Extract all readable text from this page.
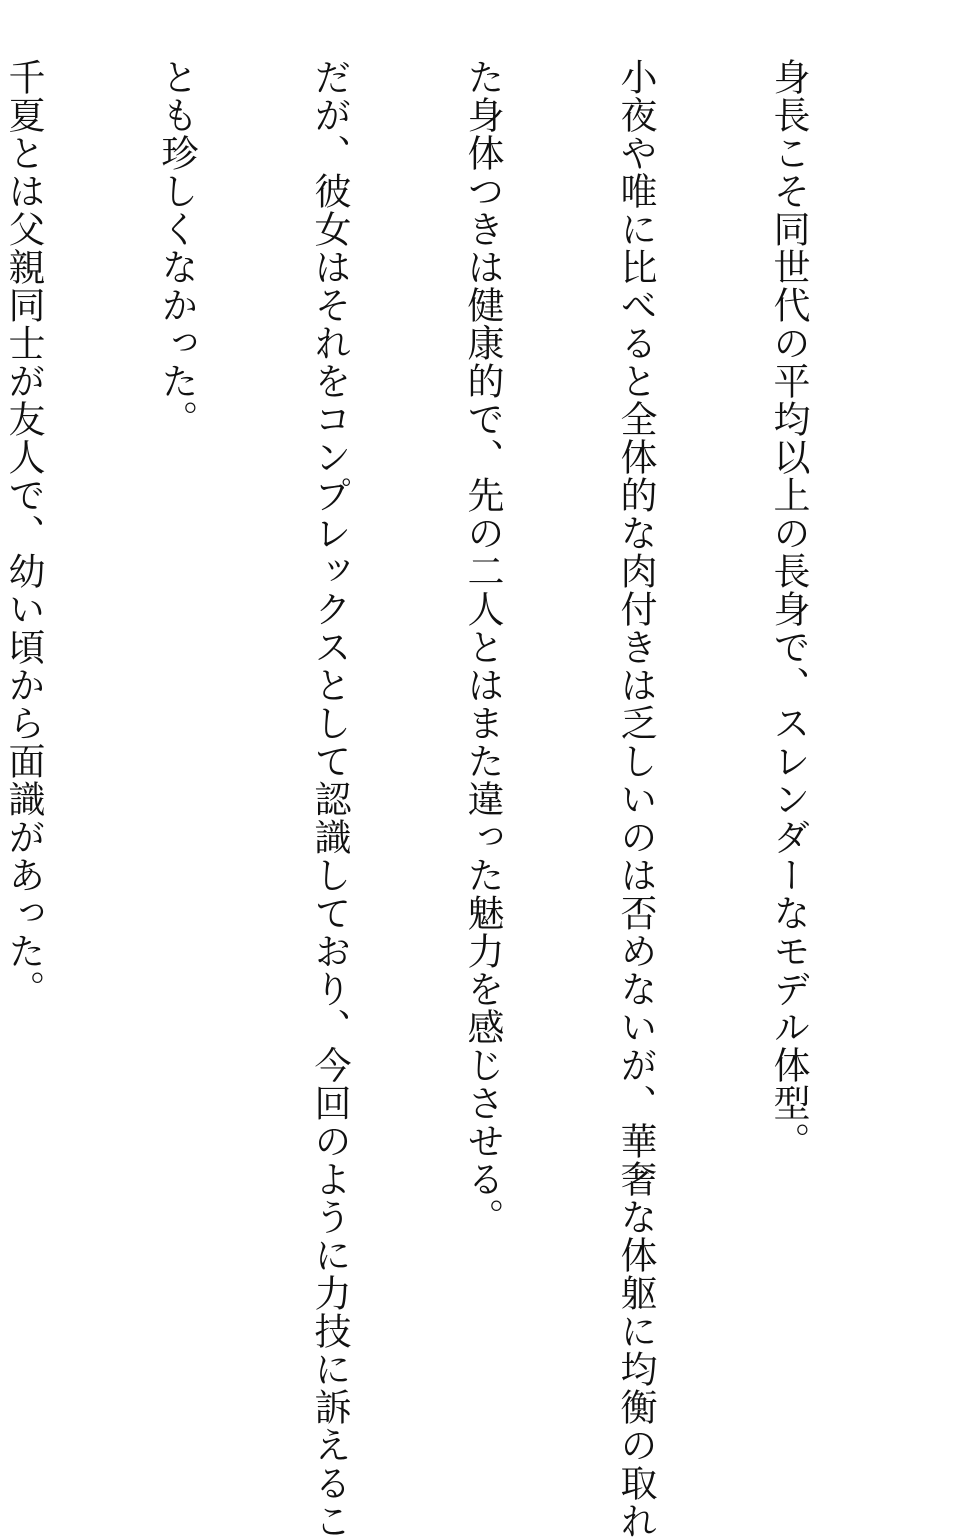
身長こそ同世代の平均以上の長身で、スレンダーなモデル体型。

小夜や唯に比べると全体的な肉付きは乏しいのは否めないが、華奢な体躯に均衡の取れ

た身体つきは健康的で、先の二人とはまた違った魅力を感じさせる。

だが、彼女はそれをコンプレックスとして認識しており、今回のように力技に訴えるこ

とも珍しくなかった。

千夏とは父親同士が友人で、幼い頃から面識があった。
